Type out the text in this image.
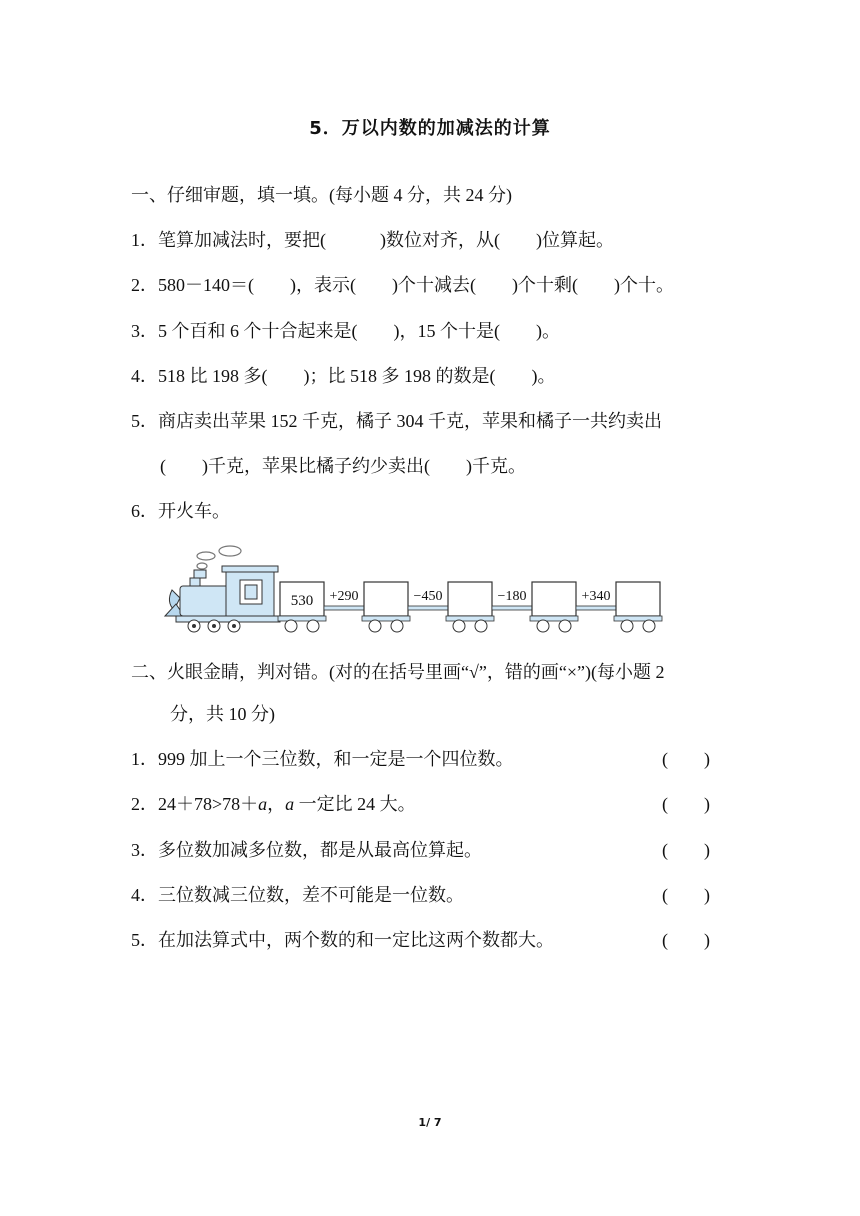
5．万以内数的加减法的计算
一、仔细审题，填一填。(每小题 4 分，共 24 分)
1．笔算加减法时，要把(　　　)数位对齐，从(　　)位算起。
2．580－140＝(　　)，表示(　　)个十减去(　　)个十剩(　　)个十。
3．5 个百和 6 个十合起来是(　　)，15 个十是(　　)。
4．518 比 198 多(　　)；比 518 多 198 的数是(　　)。
5．商店卖出苹果 152 千克，橘子 304 千克，苹果和橘子一共约卖出
(　　)千克，苹果比橘子约少卖出(　　)千克。
6．开火车。
530 +290	−450	−180	+340
二、火眼金睛，判对错。(对的在括号里画“√”，错的画“×”)(每小题 2
分，共 10 分)
1．999 加上一个三位数，和一定是一个四位数。	(　　)
2．24＋78>78＋a，a 一定比 24 大。	(　　)
3．多位数加减多位数，都是从最高位算起。	(　　)
4．三位数减三位数，差不可能是一位数。	(　　)
5．在加法算式中，两个数的和一定比这两个数都大。	(　　)
1/ 7
